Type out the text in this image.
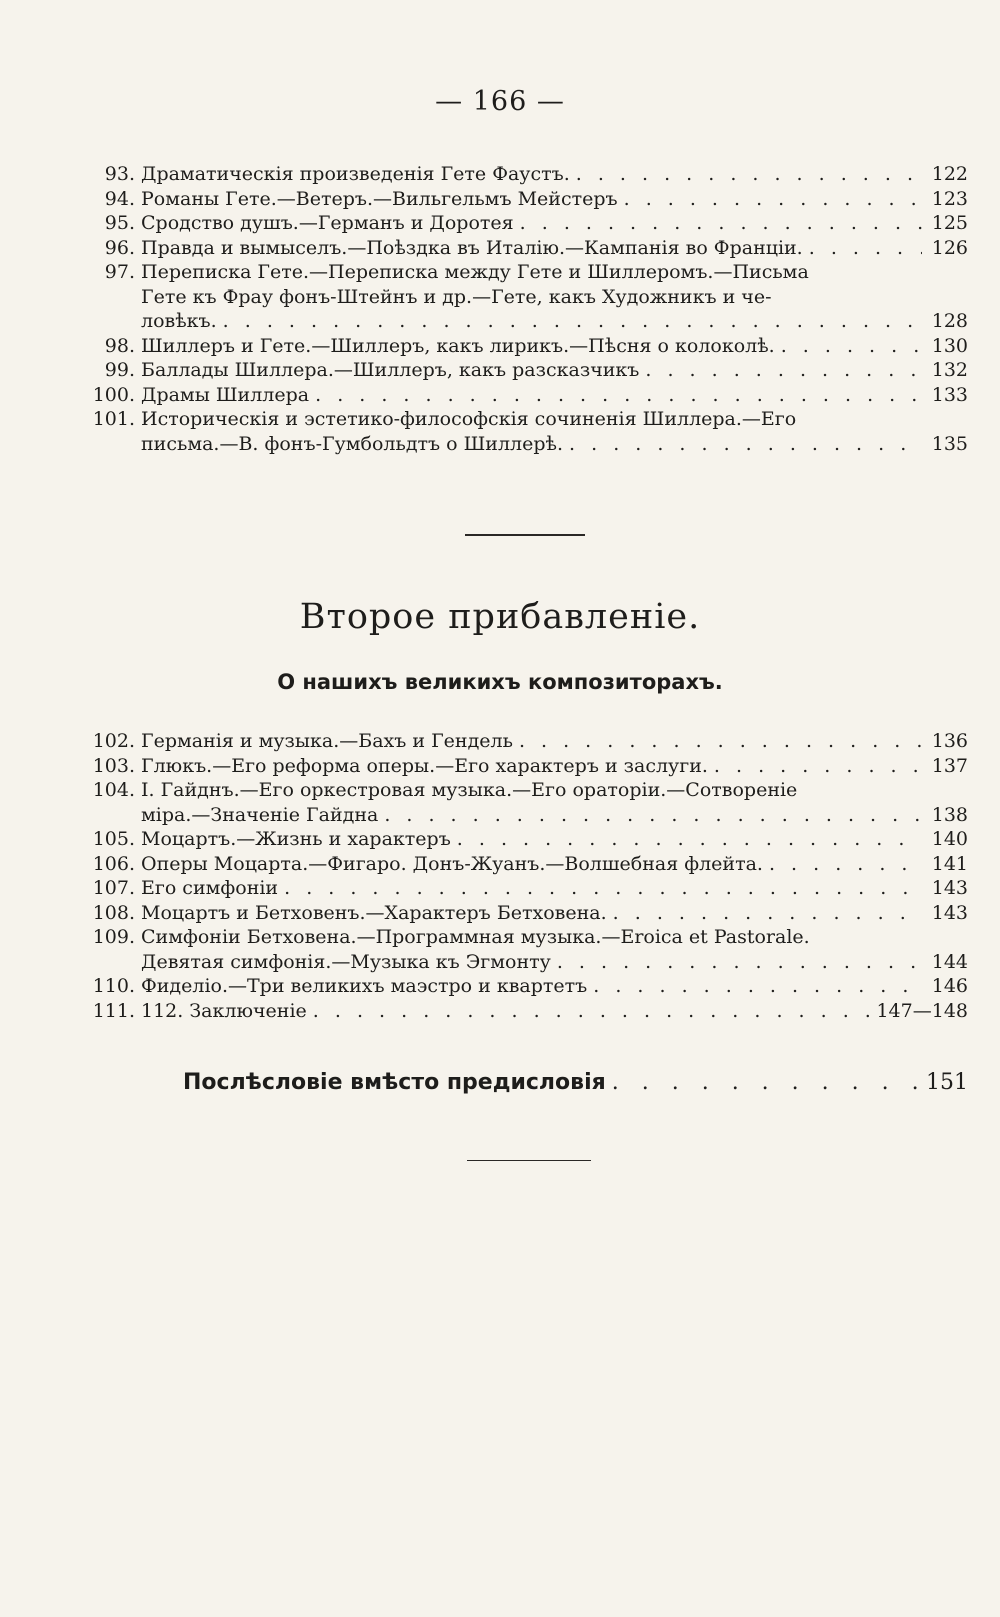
— 166 —
93. Драматическiя произведенiя Гете Фаустъ. . . .	122
94. Романы Гете.—Ветеръ.—Вильгельмъ Мейстеръ . . .	123
95. Сродство душъ.—Германъ и Доротея . . .	125
96. Правда и вымыселъ.—Поѣздка въ Италiю.—Кампанiя во Францiи. . . .	126
97. Переписка Гете.—Переписка между Гете и Шиллеромъ.—Письма
Гете къ Фрау фонъ-Штейнъ и др.—Гете, какъ Художникъ и че-
ловѣкъ. . . .	128
98. Шиллеръ и Гете.—Шиллеръ, какъ лирикъ.—Пѣсня о колоколѣ. . . .	130
99. Баллады Шиллера.—Шиллеръ, какъ разсказчикъ . . .	132
100. Драмы Шиллера . . .	133
101. Историческiя и эстетико-философскiя сочиненiя Шиллера.—Его
письма.—В. фонъ-Гумбольдтъ о Шиллерѣ. . . .	135
Второе прибавленiе.
О нашихъ великихъ композиторахъ.
102. Германiя и музыка.—Бахъ и Гендель . . .	136
103. Глюкъ.—Его реформа оперы.—Его характеръ и заслуги. . . .	137
104. I. Гайднъ.—Его оркестровая музыка.—Его ораторiи.—Сотворенiе
мiра.—Значенiе Гайдна . . .	138
105. Моцартъ.—Жизнь и характеръ . . .	140
106. Оперы Моцарта.—Фигаро. Донъ-Жуанъ.—Волшебная флейта. . . .	141
107. Его симфонiи . . .	143
108. Моцартъ и Бетховенъ.—Характеръ Бетховена. . . .	143
109. Симфонiи Бетховена.—Программная музыка.—Eroica et Pastorale.
Девятая симфонiя.—Музыка къ Эгмонту . . .	144
110. Фиделiо.—Три великихъ маэстро и квартетъ . . .	146
111. 112. Заключенiе . . .	147—148
Послѣсловiе вмѣсто предисловiя . . .	151
